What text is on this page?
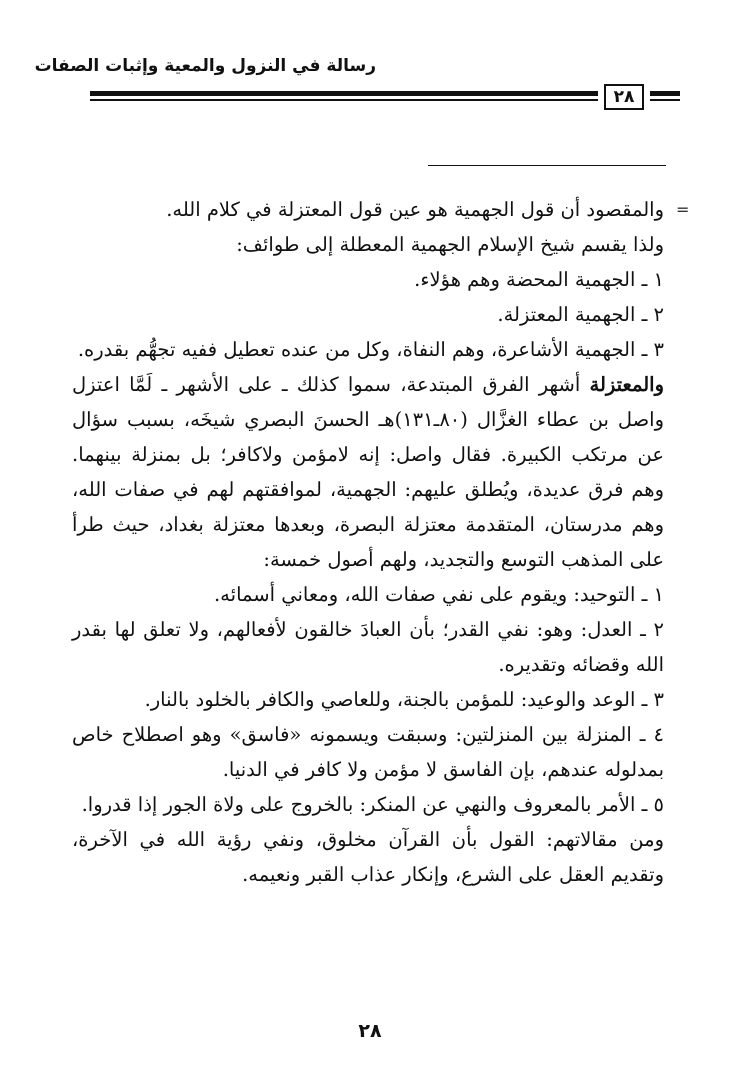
رسالة في النزول والمعية وإثبات الصفات
٢٨
=

والمقصود أن قول الجهمية هو عين قول المعتزلة في كلام الله.

ولذا يقسم شيخ الإسلام الجهمية المعطلة إلى طوائف:

١ ـ الجهمية المحضة وهم هؤلاء.

٢ ـ الجهمية المعتزلة.

٣ ـ الجهمية الأشاعرة، وهم النفاة، وكل من عنده تعطيل ففيه تجهُّم بقدره.

والمعتزلة أشهر الفرق المبتدعة، سموا كذلك ـ على الأشهر ـ لَمَّا اعتزل واصل بن عطاء الغزَّال (٨٠ـ١٣١)هـ الحسنَ البصري شيخَه، بسبب سؤال عن مرتكب الكبيرة. فقال واصل: إنه لامؤمن ولاكافر؛ بل بمنزلة بينهما. وهم فرق عديدة، ويُطلق عليهم: الجهمية، لموافقتهم لهم في صفات الله، وهم مدرستان، المتقدمة معتزلة البصرة، وبعدها معتزلة بغداد، حيث طرأ على المذهب التوسع والتجديد، ولهم أصول خمسة:

١ ـ التوحيد: ويقوم على نفي صفات الله، ومعاني أسمائه.

٢ ـ العدل: وهو: نفي القدر؛ بأن العبادَ خالقون لأفعالهم، ولا تعلق لها بقدر الله وقضائه وتقديره.

٣ ـ الوعد والوعيد: للمؤمن بالجنة، وللعاصي والكافر بالخلود بالنار.

٤ ـ المنزلة بين المنزلتين: وسبقت ويسمونه «فاسق» وهو اصطلاح خاص بمدلوله عندهم، بإن الفاسق لا مؤمن ولا كافر في الدنيا.

٥ ـ الأمر بالمعروف والنهي عن المنكر: بالخروج على ولاة الجور إذا قدروا.

ومن مقالاتهم: القول بأن القرآن مخلوق، ونفي رؤية الله في الآخرة، وتقديم العقل على الشرع، وإنكار عذاب القبر ونعيمه.

٢٨
